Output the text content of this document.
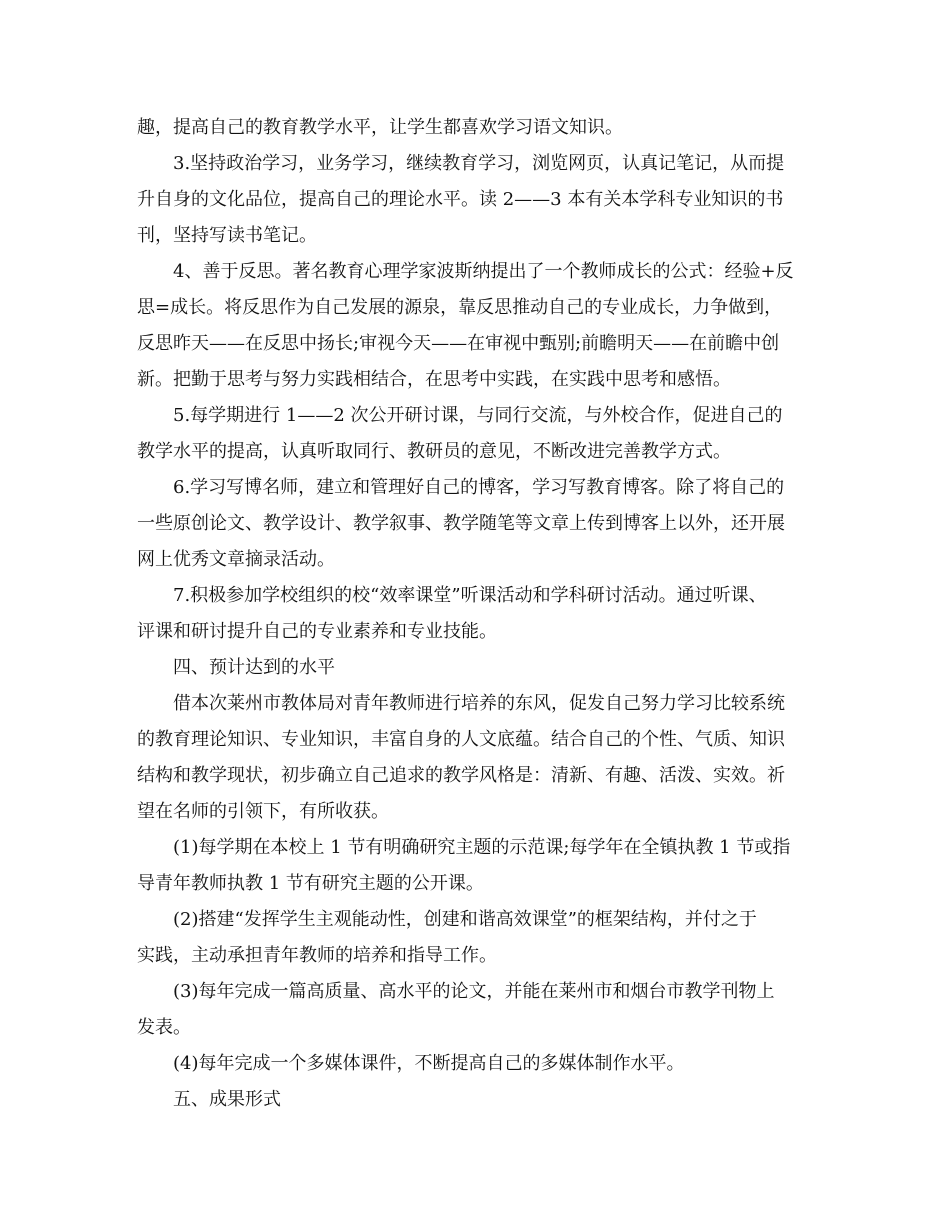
趣，提高自己的教育教学水平，让学生都喜欢学习语文知识。

3.坚持政治学习，业务学习，继续教育学习，浏览网页，认真记笔记，从而提

升自身的文化品位，提高自己的理论水平。读 2——3 本有关本学科专业知识的书

刊，坚持写读书笔记。

4、善于反思。著名教育心理学家波斯纳提出了一个教师成长的公式：经验+反

思=成长。将反思作为自己发展的源泉，靠反思推动自己的专业成长，力争做到，

反思昨天——在反思中扬长;审视今天——在审视中甄别;前瞻明天——在前瞻中创

新。把勤于思考与努力实践相结合，在思考中实践，在实践中思考和感悟。

5.每学期进行 1——2 次公开研讨课，与同行交流，与外校合作，促进自己的

教学水平的提高，认真听取同行、教研员的意见，不断改进完善教学方式。

6.学习写博名师，建立和管理好自己的博客，学习写教育博客。除了将自己的

一些原创论文、教学设计、教学叙事、教学随笔等文章上传到博客上以外，还开展

网上优秀文章摘录活动。

7.积极参加学校组织的校“效率课堂”听课活动和学科研讨活动。通过听课、

评课和研讨提升自己的专业素养和专业技能。

四、预计达到的水平

借本次莱州市教体局对青年教师进行培养的东风，促发自己努力学习比较系统

的教育理论知识、专业知识，丰富自身的人文底蕴。结合自己的个性、气质、知识

结构和教学现状，初步确立自己追求的教学风格是：清新、有趣、活泼、实效。祈

望在名师的引领下，有所收获。

(1)每学期在本校上 1 节有明确研究主题的示范课;每学年在全镇执教 1 节或指

导青年教师执教 1 节有研究主题的公开课。

(2)搭建“发挥学生主观能动性，创建和谐高效课堂”的框架结构，并付之于

实践，主动承担青年教师的培养和指导工作。

(3)每年完成一篇高质量、高水平的论文，并能在莱州市和烟台市教学刊物上

发表。

(4)每年完成一个多媒体课件，不断提高自己的多媒体制作水平。

五、成果形式
